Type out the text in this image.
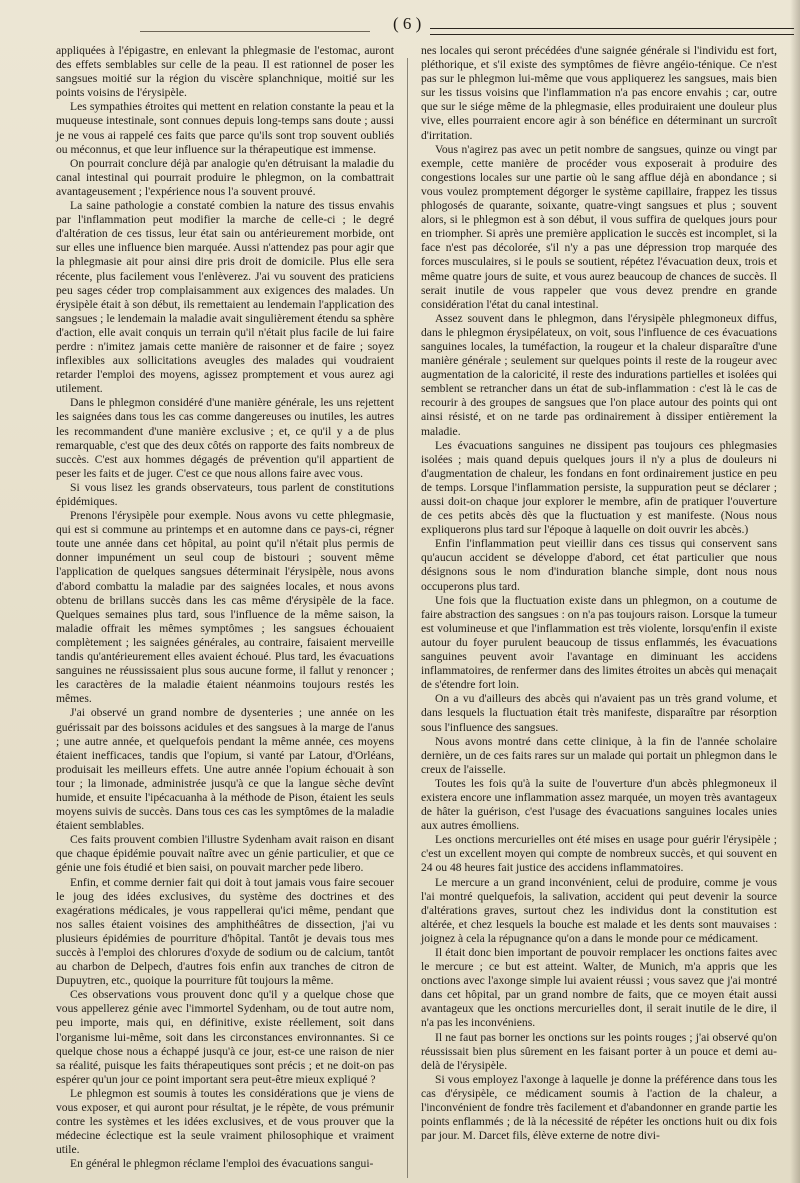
( 6 )

appliquées à l'épigastre, en enlevant la phlegmasie de l'estomac, auront des effets semblables sur celle de la peau. Il est rationnel de poser les sangsues moitié sur la région du viscère splanchnique, moitié sur les points voisins de l'érysipèle.

Les sympathies étroites qui mettent en relation constante la peau et la muqueuse intestinale, sont connues depuis long-temps sans doute ; aussi je ne vous ai rappelé ces faits que parce qu'ils sont trop souvent oubliés ou méconnus, et que leur influence sur la thérapeutique est immense.

On pourrait conclure déjà par analogie qu'en détruisant la maladie du canal intestinal qui pourrait produire le phlegmon, on la combattrait avantageusement ; l'expérience nous l'a souvent prouvé.

La saine pathologie a constaté combien la nature des tissus envahis par l'inflammation peut modifier la marche de celle-ci ; le degré d'altération de ces tissus, leur état sain ou antérieurement morbide, ont sur elles une influence bien marquée. Aussi n'attendez pas pour agir que la phlegmasie ait pour ainsi dire pris droit de domicile. Plus elle sera récente, plus facilement vous l'enlèverez. J'ai vu souvent des praticiens peu sages céder trop complaisamment aux exigences des malades. Un érysipèle était à son début, ils remettaient au lendemain l'application des sangsues ; le lendemain la maladie avait singulièrement étendu sa sphère d'action, elle avait conquis un terrain qu'il n'était plus facile de lui faire perdre : n'imitez jamais cette manière de raisonner et de faire ; soyez inflexibles aux sollicitations aveugles des malades qui voudraient retarder l'emploi des moyens, agissez promptement et vous aurez agi utilement.

Dans le phlegmon considéré d'une manière générale, les uns rejettent les saignées dans tous les cas comme dangereuses ou inutiles, les autres les recommandent d'une manière exclusive ; et, ce qu'il y a de plus remarquable, c'est que des deux côtés on rapporte des faits nombreux de succès. C'est aux hommes dégagés de prévention qu'il appartient de peser les faits et de juger. C'est ce que nous allons faire avec vous.

Si vous lisez les grands observateurs, tous parlent de constitutions épidémiques.

Prenons l'érysipèle pour exemple. Nous avons vu cette phlegmasie, qui est si commune au printemps et en automne dans ce pays-ci, régner toute une année dans cet hôpital, au point qu'il n'était plus permis de donner impunément un seul coup de bistouri ; souvent même l'application de quelques sangsues déterminait l'érysipèle, nous avons d'abord combattu la maladie par des saignées locales, et nous avons obtenu de brillans succès dans les cas même d'érysipèle de la face. Quelques semaines plus tard, sous l'influence de la même saison, la maladie offrait les mêmes symptômes ; les sangsues échouaient complètement ; les saignées générales, au contraire, faisaient merveille tandis qu'antérieurement elles avaient échoué. Plus tard, les évacuations sanguines ne réussissaient plus sous aucune forme, il fallut y renoncer ; les caractères de la maladie étaient néanmoins toujours restés les mêmes.

J'ai observé un grand nombre de dysenteries ; une année on les guérissait par des boissons acidules et des sangsues à la marge de l'anus ; une autre année, et quelquefois pendant la même année, ces moyens étaient inefficaces, tandis que l'opium, si vanté par Latour, d'Orléans, produisait les meilleurs effets. Une autre année l'opium échouait à son tour ; la limonade, administrée jusqu'à ce que la langue sèche devînt humide, et ensuite l'ipécacuanha à la méthode de Pison, étaient les seuls moyens suivis de succès. Dans tous ces cas les symptômes de la maladie étaient semblables.

Ces faits prouvent combien l'illustre Sydenham avait raison en disant que chaque épidémie pouvait naître avec un génie particulier, et que ce génie une fois étudié et bien saisi, on pouvait marcher pede libero.

Enfin, et comme dernier fait qui doit à tout jamais vous faire secouer le joug des idées exclusives, du système des doctrines et des exagérations médicales, je vous rappellerai qu'ici même, pendant que nos salles étaient voisines des amphithéâtres de dissection, j'ai vu plusieurs épidémies de pourriture d'hôpital. Tantôt je devais tous mes succès à l'emploi des chlorures d'oxyde de sodium ou de calcium, tantôt au charbon de Delpech, d'autres fois enfin aux tranches de citron de Dupuytren, etc., quoique la pourriture fût toujours la même.

Ces observations vous prouvent donc qu'il y a quelque chose que vous appellerez génie avec l'immortel Sydenham, ou de tout autre nom, peu importe, mais qui, en définitive, existe réellement, soit dans l'organisme lui-même, soit dans les circonstances environnantes. Si ce quelque chose nous a échappé jusqu'à ce jour, est-ce une raison de nier sa réalité, puisque les faits thérapeutiques sont précis ; et ne doit-on pas espérer qu'un jour ce point important sera peut-être mieux expliqué ?

Le phlegmon est soumis à toutes les considérations que je viens de vous exposer, et qui auront pour résultat, je le répète, de vous prémunir contre les systèmes et les idées exclusives, et de vous prouver que la médecine éclectique est la seule vraiment philosophique et vraiment utile.

En général le phlegmon réclame l'emploi des évacuations sangui-

nes locales qui seront précédées d'une saignée générale si l'individu est fort, pléthorique, et s'il existe des symptômes de fièvre angéio-ténique. Ce n'est pas sur le phlegmon lui-même que vous appliquerez les sangsues, mais bien sur les tissus voisins que l'inflammation n'a pas encore envahis ; car, outre que sur le siége même de la phlegmasie, elles produiraient une douleur plus vive, elles pourraient encore agir à son bénéfice en déterminant un surcroît d'irritation.

Vous n'agirez pas avec un petit nombre de sangsues, quinze ou vingt par exemple, cette manière de procéder vous exposerait à produire des congestions locales sur une partie où le sang afflue déjà en abondance ; si vous voulez promptement dégorger le système capillaire, frappez les tissus phlogosés de quarante, soixante, quatre-vingt sangsues et plus ; souvent alors, si le phlegmon est à son début, il vous suffira de quelques jours pour en triompher. Si après une première application le succès est incomplet, si la face n'est pas décolorée, s'il n'y a pas une dépression trop marquée des forces musculaires, si le pouls se soutient, répétez l'évacuation deux, trois et même quatre jours de suite, et vous aurez beaucoup de chances de succès. Il serait inutile de vous rappeler que vous devez prendre en grande considération l'état du canal intestinal.

Assez souvent dans le phlegmon, dans l'érysipèle phlegmoneux diffus, dans le phlegmon érysipélateux, on voit, sous l'influence de ces évacuations sanguines locales, la tuméfaction, la rougeur et la chaleur disparaître d'une manière générale ; seulement sur quelques points il reste de la rougeur avec augmentation de la caloricité, il reste des indurations partielles et isolées qui semblent se retrancher dans un état de sub-inflammation : c'est là le cas de recourir à des groupes de sangsues que l'on place autour des points qui ont ainsi résisté, et on ne tarde pas ordinairement à dissiper entièrement la maladie.

Les évacuations sanguines ne dissipent pas toujours ces phlegmasies isolées ; mais quand depuis quelques jours il n'y a plus de douleurs ni d'augmentation de chaleur, les fondans en font ordinairement justice en peu de temps. Lorsque l'inflammation persiste, la suppuration peut se déclarer ; aussi doit-on chaque jour explorer le membre, afin de pratiquer l'ouverture de ces petits abcès dès que la fluctuation y est manifeste. (Nous nous expliquerons plus tard sur l'époque à laquelle on doit ouvrir les abcès.)

Enfin l'inflammation peut vieillir dans ces tissus qui conservent sans qu'aucun accident se développe d'abord, cet état particulier que nous désignons sous le nom d'induration blanche simple, dont nous nous occuperons plus tard.

Une fois que la fluctuation existe dans un phlegmon, on a coutume de faire abstraction des sangsues : on n'a pas toujours raison. Lorsque la tumeur est volumineuse et que l'inflammation est très violente, lorsqu'enfin il existe autour du foyer purulent beaucoup de tissus enflammés, les évacuations sanguines peuvent avoir l'avantage en diminuant les accidens inflammatoires, de renfermer dans des limites étroites un abcès qui menaçait de s'étendre fort loin.

On a vu d'ailleurs des abcès qui n'avaient pas un très grand volume, et dans lesquels la fluctuation était très manifeste, disparaître par résorption sous l'influence des sangsues.

Nous avons montré dans cette clinique, à la fin de l'année scholaire dernière, un de ces faits rares sur un malade qui portait un phlegmon dans le creux de l'aisselle.

Toutes les fois qu'à la suite de l'ouverture d'un abcès phlegmoneux il existera encore une inflammation assez marquée, un moyen très avantageux de hâter la guérison, c'est l'usage des évacuations sanguines locales unies aux autres émolliens.

Les onctions mercurielles ont été mises en usage pour guérir l'érysipèle ; c'est un excellent moyen qui compte de nombreux succès, et qui souvent en 24 ou 48 heures fait justice des accidens inflammatoires.

Le mercure a un grand inconvénient, celui de produire, comme je vous l'ai montré quelquefois, la salivation, accident qui peut devenir la source d'altérations graves, surtout chez les individus dont la constitution est altérée, et chez lesquels la bouche est malade et les dents sont mauvaises : joignez à cela la répugnance qu'on a dans le monde pour ce médicament.

Il était donc bien important de pouvoir remplacer les onctions faites avec le mercure ; ce but est atteint. Walter, de Munich, m'a appris que les onctions avec l'axonge simple lui avaient réussi ; vous savez que j'ai montré dans cet hôpital, par un grand nombre de faits, que ce moyen était aussi avantageux que les onctions mercurielles dont, il serait inutile de le dire, il n'a pas les inconvéniens.

Il ne faut pas borner les onctions sur les points rouges ; j'ai observé qu'on réussissait bien plus sûrement en les faisant porter à un pouce et demi au-delà de l'érysipèle.

Si vous employez l'axonge à laquelle je donne la préférence dans tous les cas d'érysipèle, ce médicament soumis à l'action de la chaleur, a l'inconvénient de fondre très facilement et d'abandonner en grande partie les points enflammés ; de là la nécessité de répéter les onctions huit ou dix fois par jour. M. Darcet fils, élève externe de notre divi-
